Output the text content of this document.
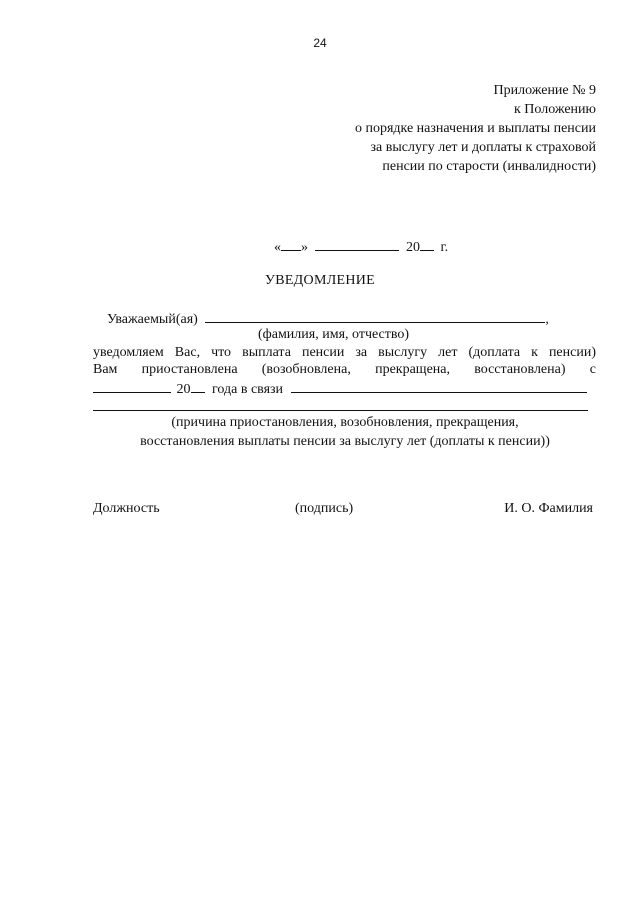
24
Приложение № 9
к Положению
о порядке назначения и выплаты пенсии
за выслугу лет и доплаты к страховой
пенсии по старости (инвалидности)
« »	20 г.
УВЕДОМЛЕНИЕ
Уважаемый(ая)	,
(фамилия, имя, отчество)
уведомляем Вас, что выплата пенсии за выслугу лет (доплата к пенсии)
Вам приостановлена (возобновлена, прекращена, восстановлена) с
20 года в связи
(причина приостановления, возобновления, прекращения,
восстановления выплаты пенсии за выслугу лет (доплаты к пенсии))
Должность	(подпись)	И. О. Фамилия
